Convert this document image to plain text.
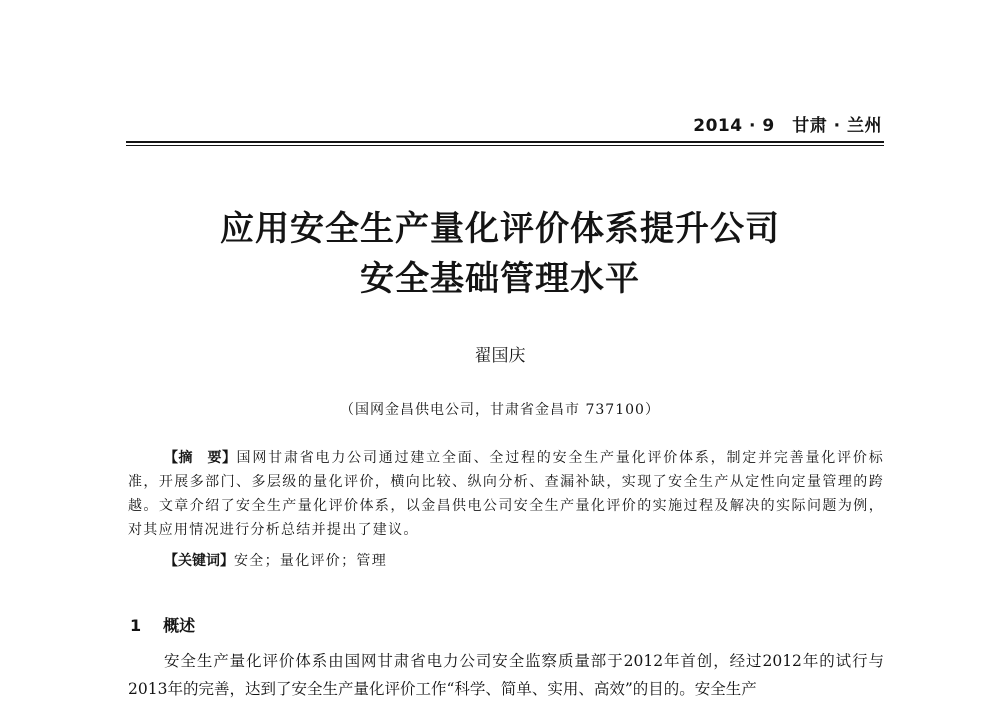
2014 · 9　甘肃 · 兰州
应用安全生产量化评价体系提升公司
安全基础管理水平
翟国庆
（国网金昌供电公司，甘肃省金昌市 737100）

【摘　要】国网甘肃省电力公司通过建立全面、全过程的安全生产量化评价体系，制定并完善量化评价标准，开展多部门、多层级的量化评价，横向比较、纵向分析、查漏补缺，实现了安全生产从定性向定量管理的跨越。文章介绍了安全生产量化评价体系，以金昌供电公司安全生产量化评价的实施过程及解决的实际问题为例，对其应用情况进行分析总结并提出了建议。

【关键词】安全；量化评价；管理
1 概述

安全生产量化评价体系由国网甘肃省电力公司安全监察质量部于2012年首创，经过2012年的试行与2013年的完善，达到了安全生产量化评价工作“科学、简单、实用、高效”的目的。安全生产
